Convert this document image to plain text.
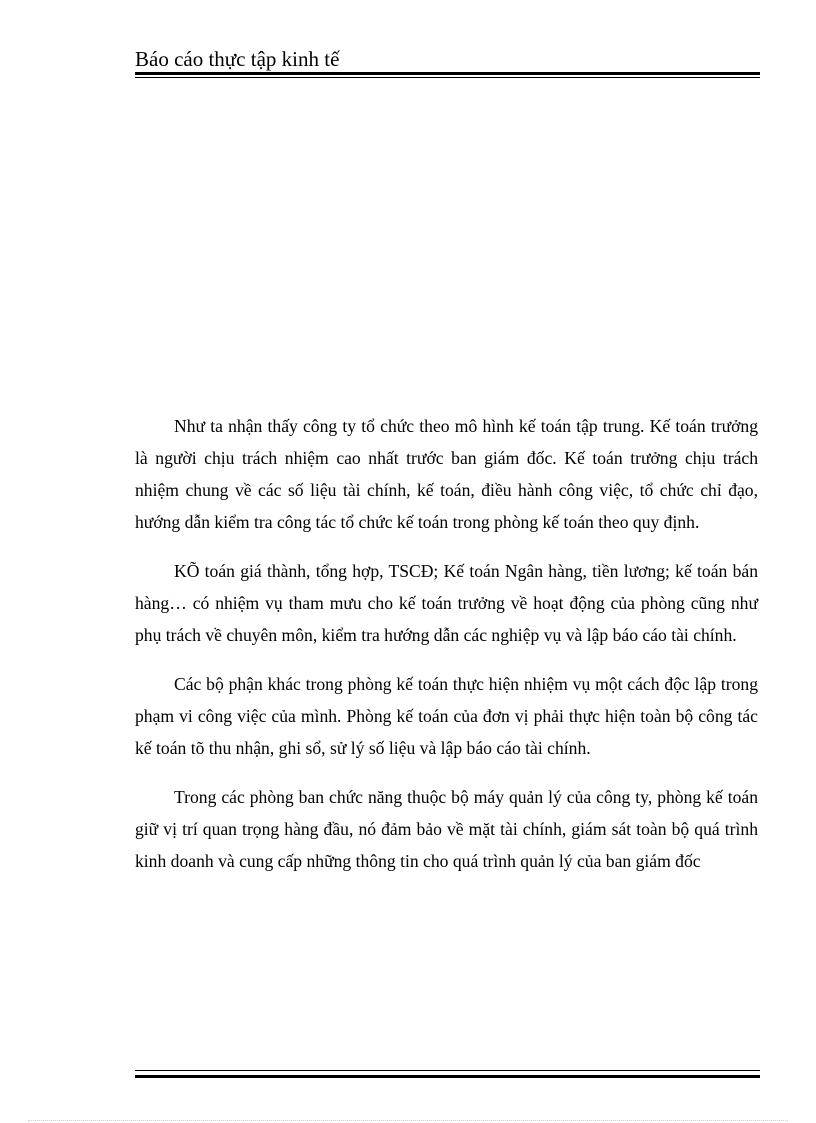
Báo cáo thực tập kinh tế

Như ta nhận thấy công ty tổ chức theo mô hình kế toán tập trung. Kế toán trưởng là người chịu trách nhiệm cao nhất trước ban giám đốc. Kế toán trưởng chịu trách nhiệm chung về các số liệu tài chính, kế toán, điều hành công việc, tổ chức chỉ đạo, hướng dẫn kiểm tra công tác tổ chức kế toán trong phòng kế toán theo quy định.

KÕ toán giá thành, tổng hợp, TSCĐ; Kế toán Ngân hàng, tiền lương; kế toán bán hàng… có nhiệm vụ tham mưu cho kế toán trưởng về hoạt động của phòng cũng như phụ trách về chuyên môn, kiểm tra hướng dẫn các nghiệp vụ và lập báo cáo tài chính.

Các bộ phận khác trong phòng kế toán thực hiện nhiệm vụ một cách độc lập trong phạm vi công việc của mình. Phòng kế toán của đơn vị phải thực hiện toàn bộ công tác kế toán tõ thu nhận, ghi sổ, sử lý số liệu và lập báo cáo tài chính.

Trong các phòng ban chức năng thuộc bộ máy quản lý của công ty, phòng kế toán giữ vị trí quan trọng hàng đầu, nó đảm bảo về mặt tài chính, giám sát toàn bộ quá trình kinh doanh và cung cấp những thông tin cho quá trình quản lý của ban giám đốc
